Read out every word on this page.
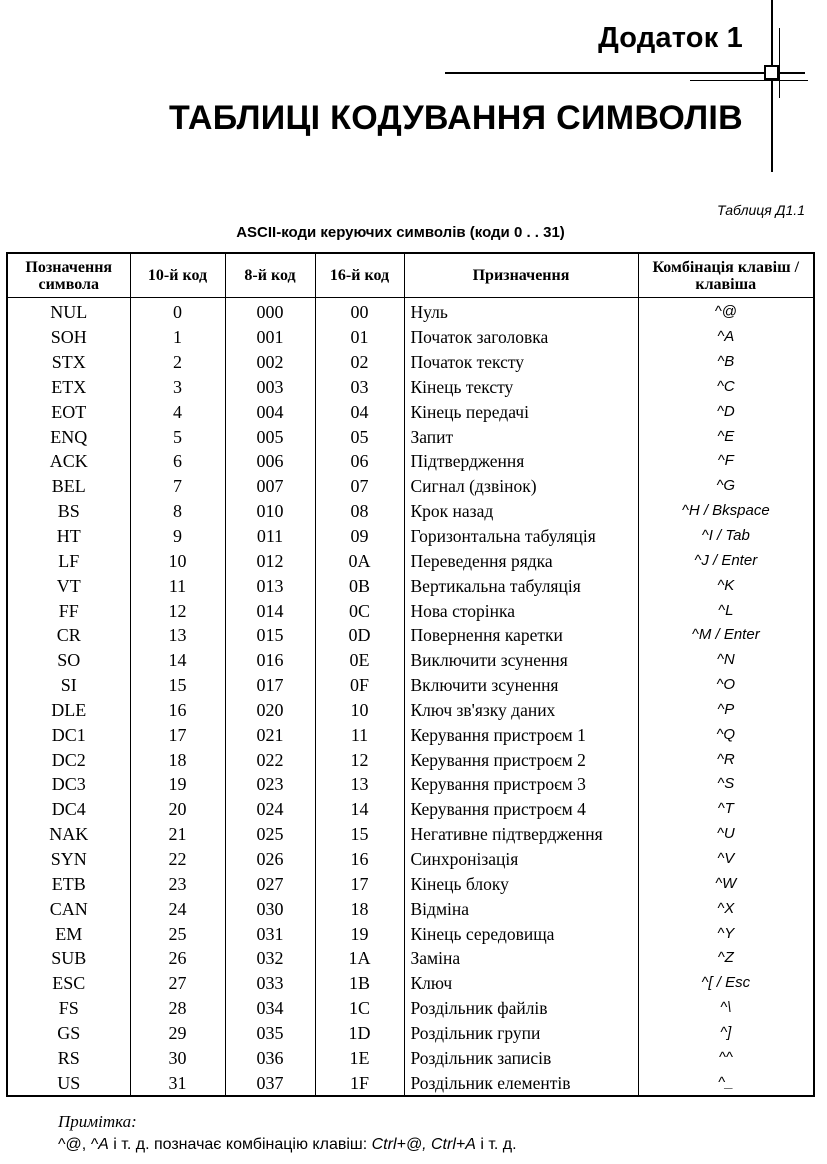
Додаток 1
ТАБЛИЦІ КОДУВАННЯ СИМВОЛІВ
Таблиця Д1.1
ASCII-коди керуючих символів (коди 0 . . 31)
Позначення символа	10-й код	8-й код	16-й код	Призначення	Комбінація клавіш / клавіша
NUL	0	000	00	Нуль	^@
SOH	1	001	01	Початок заголовка	^A
STX	2	002	02	Початок тексту	^B
ETX	3	003	03	Кінець тексту	^C
EOT	4	004	04	Кінець передачі	^D
ENQ	5	005	05	Запит	^E
ACK	6	006	06	Підтвердження	^F
BEL	7	007	07	Сигнал (дзвінок)	^G
BS	8	010	08	Крок назад	^H / Bkspace
HT	9	011	09	Горизонтальна табуляція	^I / Tab
LF	10	012	0A	Переведення рядка	^J / Enter
VT	11	013	0B	Вертикальна табуляція	^K
FF	12	014	0C	Нова сторінка	^L
CR	13	015	0D	Повернення каретки	^M / Enter
SO	14	016	0E	Виключити зсунення	^N
SI	15	017	0F	Включити зсунення	^O
DLE	16	020	10	Ключ зв'язку даних	^P
DC1	17	021	11	Керування пристроєм 1	^Q
DC2	18	022	12	Керування пристроєм 2	^R
DC3	19	023	13	Керування пристроєм 3	^S
DC4	20	024	14	Керування пристроєм 4	^T
NAK	21	025	15	Негативне підтвердження	^U
SYN	22	026	16	Синхронізація	^V
ETB	23	027	17	Кінець блоку	^W
CAN	24	030	18	Відміна	^X
EM	25	031	19	Кінець середовища	^Y
SUB	26	032	1A	Заміна	^Z
ESC	27	033	1B	Ключ	^[ / Esc
FS	28	034	1C	Роздільник файлів	^\
GS	29	035	1D	Роздільник групи	^]
RS	30	036	1E	Роздільник записів	^^
US	31	037	1F	Роздільник елементів	^_
Примітка:
^@, ^A і т. д. позначає комбінацію клавіш: Ctrl+@, Ctrl+A і т. д.
